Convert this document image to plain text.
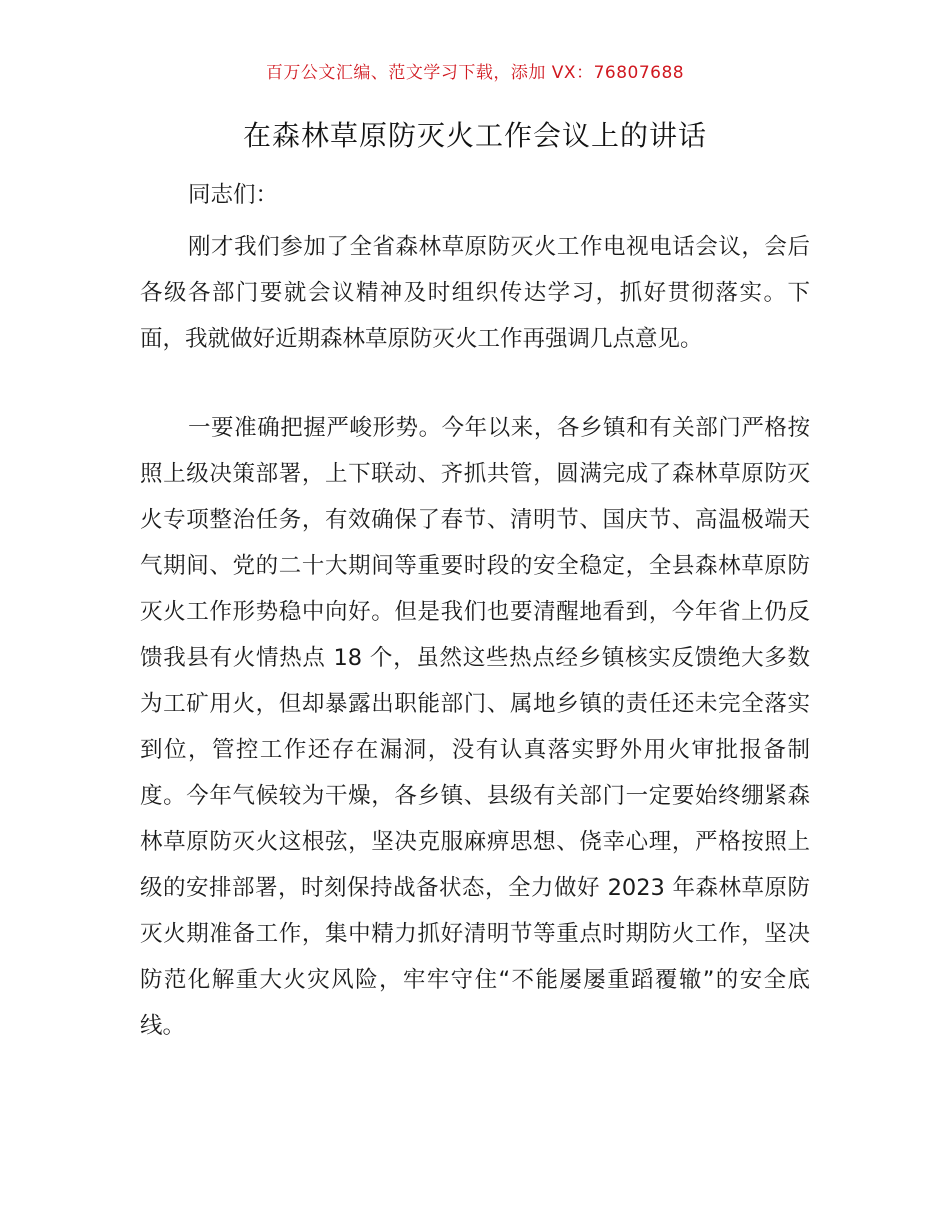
百万公文汇编、范文学习下载，添加 VX：76807688
在森林草原防灭火工作会议上的讲话
同志们：
刚才我们参加了全省森林草原防灭火工作电视电话会议，会后各级各部门要就会议精神及时组织传达学习，抓好贯彻落实。下面，我就做好近期森林草原防灭火工作再强调几点意见。
一要准确把握严峻形势。今年以来，各乡镇和有关部门严格按照上级决策部署，上下联动、齐抓共管，圆满完成了森林草原防灭火专项整治任务，有效确保了春节、清明节、国庆节、高温极端天气期间、党的二十大期间等重要时段的安全稳定，全县森林草原防灭火工作形势稳中向好。但是我们也要清醒地看到，今年省上仍反馈我县有火情热点 18 个，虽然这些热点经乡镇核实反馈绝大多数为工矿用火，但却暴露出职能部门、属地乡镇的责任还未完全落实到位，管控工作还存在漏洞，没有认真落实野外用火审批报备制度。今年气候较为干燥，各乡镇、县级有关部门一定要始终绷紧森林草原防灭火这根弦，坚决克服麻痹思想、侥幸心理，严格按照上级的安排部署，时刻保持战备状态，全力做好 2023 年森林草原防灭火期准备工作，集中精力抓好清明节等重点时期防火工作，坚决防范化解重大火灾风险，牢牢守住“不能屡屡重蹈覆辙”的安全底线。
